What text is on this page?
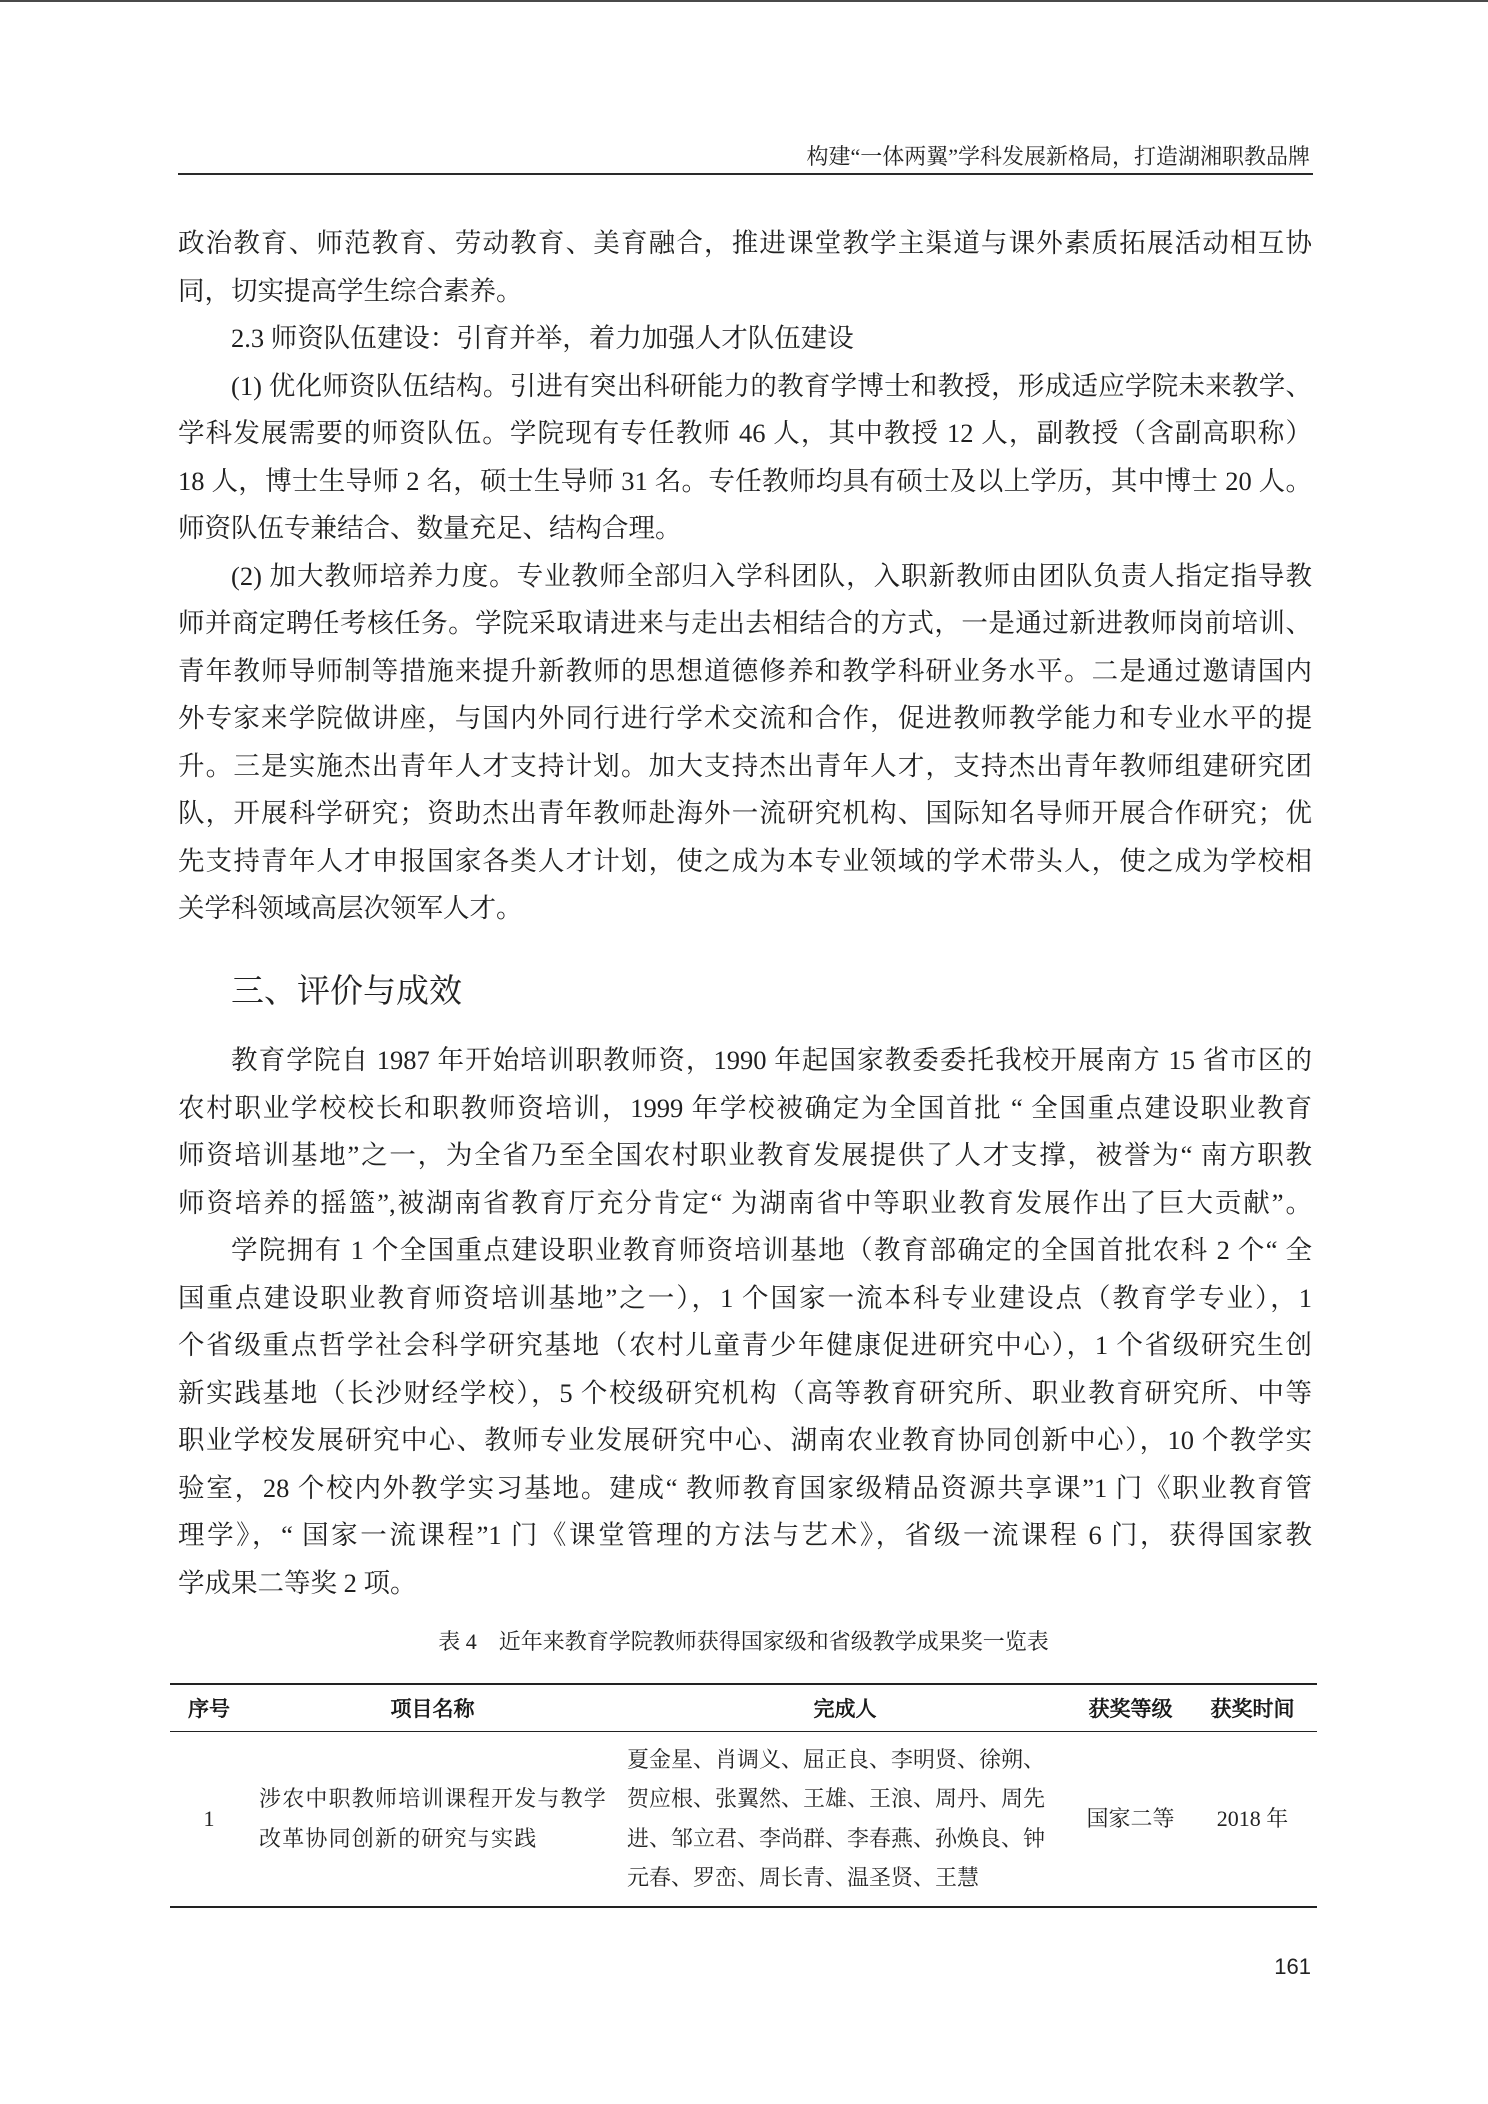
构建“一体两翼”学科发展新格局，打造湖湘职教品牌
政治教育、师范教育、劳动教育、美育融合，推进课堂教学主渠道与课外素质拓展活动相互协
同，切实提高学生综合素养。
2.3 师资队伍建设：引育并举，着力加强人才队伍建设
(1) 优化师资队伍结构。引进有突出科研能力的教育学博士和教授，形成适应学院未来教学、
学科发展需要的师资队伍。学院现有专任教师 46 人，其中教授 12 人，副教授（含副高职称）
18 人，博士生导师 2 名，硕士生导师 31 名。专任教师均具有硕士及以上学历，其中博士 20 人。
师资队伍专兼结合、数量充足、结构合理。
(2) 加大教师培养力度。专业教师全部归入学科团队，入职新教师由团队负责人指定指导教
师并商定聘任考核任务。学院采取请进来与走出去相结合的方式，一是通过新进教师岗前培训、
青年教师导师制等措施来提升新教师的思想道德修养和教学科研业务水平。二是通过邀请国内
外专家来学院做讲座，与国内外同行进行学术交流和合作，促进教师教学能力和专业水平的提
升。三是实施杰出青年人才支持计划。加大支持杰出青年人才，支持杰出青年教师组建研究团
队，开展科学研究；资助杰出青年教师赴海外一流研究机构、国际知名导师开展合作研究；优
先支持青年人才申报国家各类人才计划，使之成为本专业领域的学术带头人，使之成为学校相
关学科领域高层次领军人才。
三、评价与成效
教育学院自 1987 年开始培训职教师资，1990 年起国家教委委托我校开展南方 15 省市区的
农村职业学校校长和职教师资培训，1999 年学校被确定为全国首批 “ 全国重点建设职业教育
师资培训基地”之一，为全省乃至全国农村职业教育发展提供了人才支撑，被誉为“ 南方职教
师资培养的摇篮”,被湖南省教育厅充分肯定“ 为湖南省中等职业教育发展作出了巨大贡献”。
学院拥有 1 个全国重点建设职业教育师资培训基地（教育部确定的全国首批农科 2 个“ 全
国重点建设职业教育师资培训基地”之一），1 个国家一流本科专业建设点（教育学专业），1
个省级重点哲学社会科学研究基地（农村儿童青少年健康促进研究中心），1 个省级研究生创
新实践基地（长沙财经学校），5 个校级研究机构（高等教育研究所、职业教育研究所、中等
职业学校发展研究中心、教师专业发展研究中心、湖南农业教育协同创新中心），10 个教学实
验室，28 个校内外教学实习基地。建成“ 教师教育国家级精品资源共享课”1 门《职业教育管
理学》，“ 国家一流课程”1 门《课堂管理的方法与艺术》，省级一流课程 6 门，获得国家教
学成果二等奖 2 项。
表 4　近年来教育学院教师获得国家级和省级教学成果奖一览表
序号	项目名称	完成人	获奖等级	获奖时间
1	涉农中职教师培训课程开发与教学
改革协同创新的研究与实践	夏金星、肖调义、屈正良、李明贤、徐朔、
贺应根、张翼然、王雄、王浪、周丹、周先
进、邹立君、李尚群、李春燕、孙焕良、钟
元春、罗峦、周长青、温圣贤、王慧	国家二等	2018 年
161
